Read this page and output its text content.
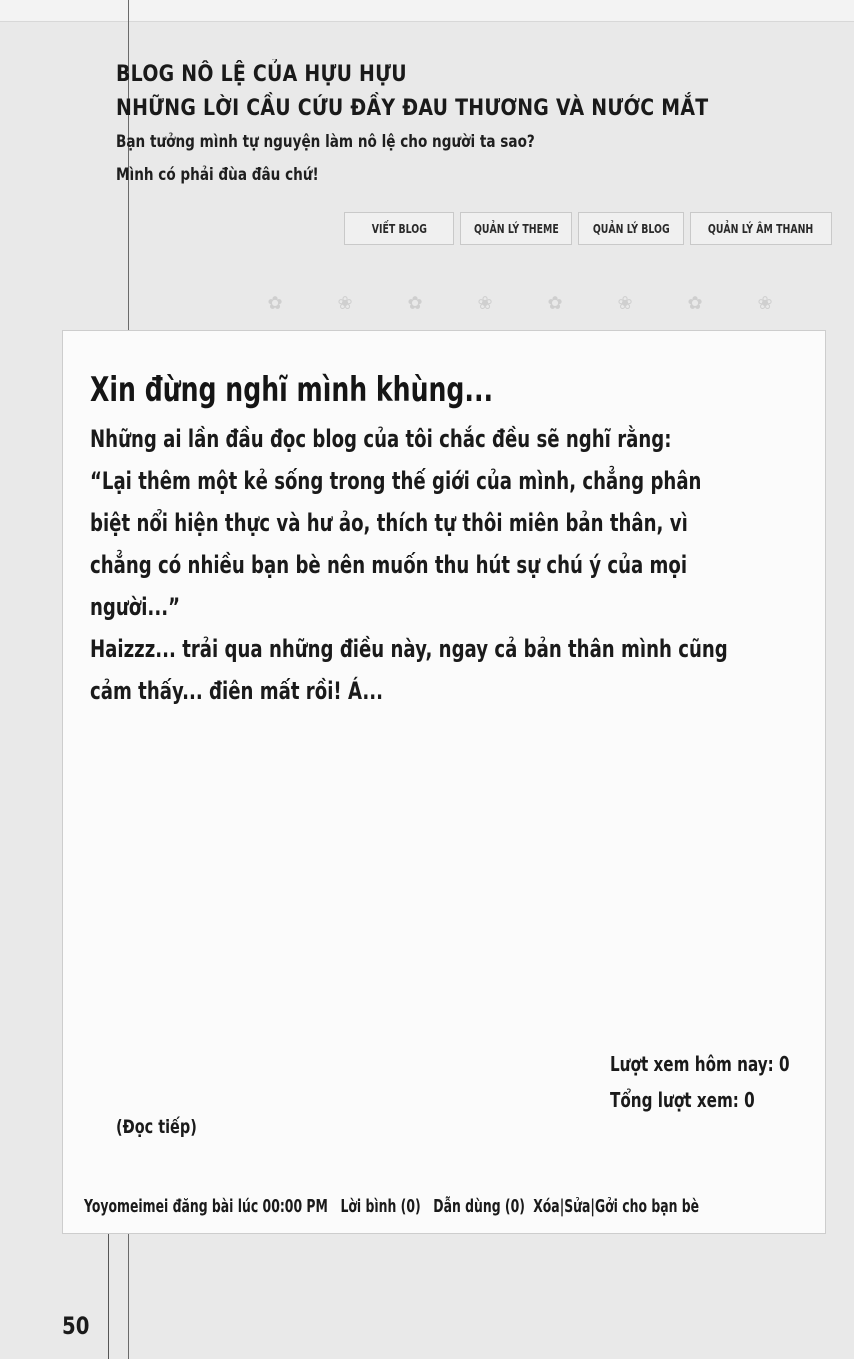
BLOG NÔ LỆ CỦA HỰU HỰU
NHỮNG LỜI CẦU CỨU ĐẦY ĐAU THƯƠNG VÀ NƯỚC MẮT
Bạn tưởng mình tự nguyện làm nô lệ cho người ta sao?
Mình có phải đùa đâu chứ!
VIẾT BLOG	QUẢN LÝ THEME	QUẢN LÝ BLOG	QUẢN LÝ ÂM THANH
✿	❀	✿	❀	✿	❀	✿	❀
Xin đừng nghĩ mình khùng...
Những ai lần đầu đọc blog của tôi chắc đều sẽ nghĩ rằng:
“Lại thêm một kẻ sống trong thế giới của mình, chẳng phân
biệt nổi hiện thực và hư ảo, thích tự thôi miên bản thân, vì
chẳng có nhiều bạn bè nên muốn thu hút sự chú ý của mọi
người...”
Haizzz... trải qua những điều này, ngay cả bản thân mình cũng
cảm thấy... điên mất rồi! Á...
Lượt xem hôm nay: 0
Tổng lượt xem: 0
(Đọc tiếp)
Yoyomeimei đăng bài lúc 00:00 PM Lời bình (0) Dẫn dùng (0) Xóa|Sửa|Gởi cho bạn bè
50
